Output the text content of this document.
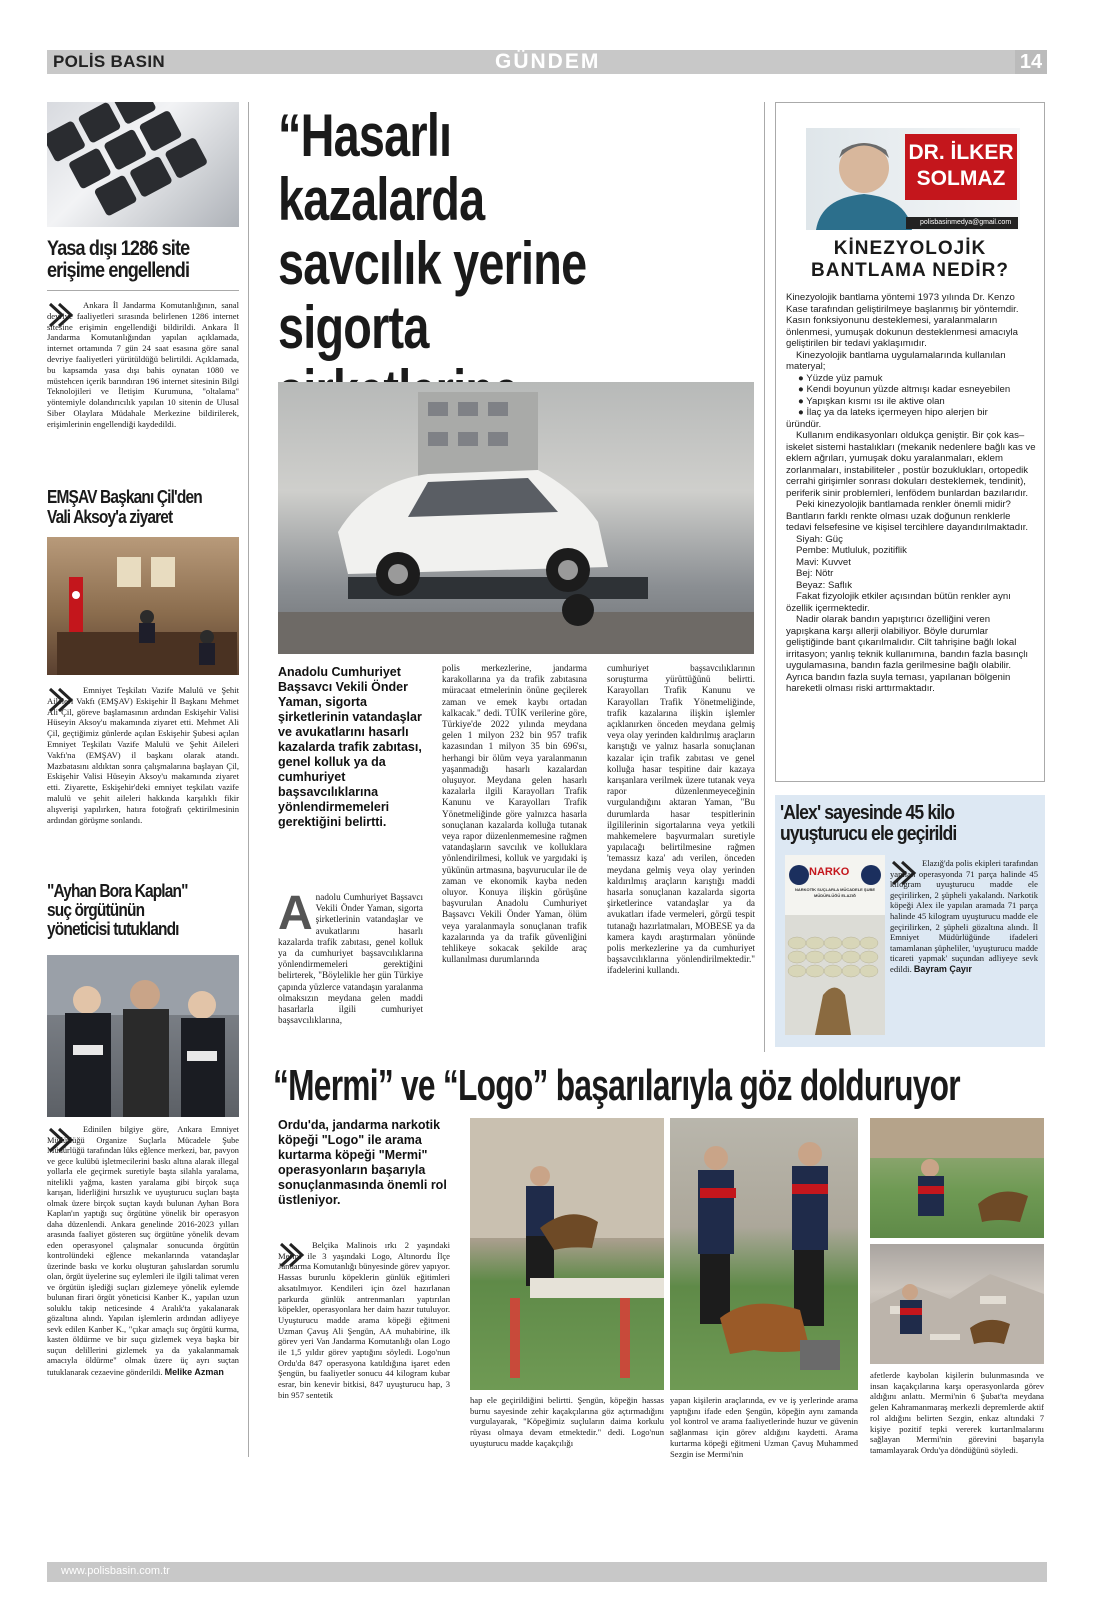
POLİS BASIN	GÜNDEM	14
Yasa dışı 1286 site
erişime engellendi
Ankara İl Jandarma Komutanlığının, sanal devriye faaliyetleri sırasında belirlenen 1286 internet sitesine erişimin engellendiği bildirildi. Ankara İl Jandarma Komutanlığından yapılan açıklamada, internet ortamında 7 gün 24 saat esasına göre sanal devriye faaliyetleri yürütüldüğü belirtildi. Açıklamada, bu kapsamda yasa dışı bahis oynatan 1080 ve müstehcen içerik barındıran 196 internet sitesinin Bilgi Teknolojileri ve İletişim Kurumuna, "oltalama" yöntemiyle dolandırıcılık yapılan 10 sitenin de Ulusal Siber Olaylara Müdahale Merkezine bildirilerek, erişimlerinin engellendiği kaydedildi.
EMŞAV Başkanı Çil'den
Vali Aksoy'a ziyaret
Emniyet Teşkilatı Vazife Malulü ve Şehit Aileleri Vakfı (EMŞAV) Eskişehir İl Başkanı Mehmet Ali Çil, göreve başlamasının ardından Eskişehir Valisi Hüseyin Aksoy'u makamında ziyaret etti. Mehmet Ali Çil, geçtiğimiz günlerde açılan Eskişehir Şubesi açılan Emniyet Teşkilatı Vazife Malulü ve Şehit Aileleri Vakfı'na (EMŞAV) il başkanı olarak atandı. Mazbatasını aldıktan sonra çalışmalarına başlayan Çil, Eskişehir Valisi Hüseyin Aksoy'u makamında ziyaret etti. Ziyarette, Eskişehir'deki emniyet teşkilatı vazife malulü ve şehit aileleri hakkında karşılıklı fikir alışverişi yapılırken, hatıra fotoğrafı çektirilmesinin ardından görüşme sonlandı.
"Ayhan Bora Kaplan"
suç örgütünün
yöneticisi tutuklandı
Edinilen bilgiye göre, Ankara Emniyet Müdürlüğü Organize Suçlarla Mücadele Şube Müdürlüğü tarafından lüks eğlence merkezi, bar, pavyon ve gece kulübü işletmecilerini baskı altına alarak illegal yollarla ele geçirmek suretiyle başta silahla yaralama, nitelikli yağma, kasten yaralama gibi birçok suça karışan, liderliğini hırsızlık ve uyuşturucu suçları başta olmak üzere birçok suçtan kaydı bulunan Ayhan Bora Kaplan'ın yaptığı suç örgütüne yönelik bir operasyon daha düzenlendi. Ankara genelinde 2016-2023 yılları arasında faaliyet gösteren suç örgütüne yönelik devam eden operasyonel çalışmalar sonucunda örgütün kontrolündeki eğlence mekanlarında vatandaşlar üzerinde baskı ve korku oluşturan şahıslardan sorumlu olan, örgüt üyelerine suç eylemleri ile ilgili talimat veren ve örgütün işlediği suçları gizlemeye yönelik eylemde bulunan firari örgüt yöneticisi Kanber K., yapılan uzun soluklu takip neticesinde 4 Aralık'ta yakalanarak gözaltına alındı. Yapılan işlemlerin ardından adliyeye sevk edilen Kanber K., "çıkar amaçlı suç örgütü kurma, kasten öldürme ve bir suçu gizlemek veya başka bir suçun delillerini gizlemek ya da yakalanmamak amacıyla öldürme" olmak üzere üç ayrı suçtan tutuklanarak cezaevine gönderildi. Melike Azman
“Hasarlı kazalarda
savcılık yerine
sigorta
Anadolu Cumhuriyet Başsavcı Vekili Önder Yaman, sigorta şirketlerinin vatandaşlar ve avukatlarını hasarlı kazalarda trafik zabıtası, genel kolluk ya da cumhuriyet başsavcılıklarına yönlendirmemeleri gerektiğini belirtti.
A nadolu Cumhuriyet Başsavcı Vekili Önder Yaman, sigorta şirketlerinin vatandaşlar ve avukatlarını hasarlı kazalarda trafik zabıtası, genel kolluk ya da cumhuriyet başsavcılıklarına yönlendirmemeleri gerektiğini belirterek, "Böylelikle her gün Türkiye çapında yüzlerce vatandaşın yaralanma olmaksızın meydana gelen maddi hasarlarla ilgili cumhuriyet başsavcılıklarına,
polis merkezlerine, jandarma karakollarına ya da trafik zabıtasına müracaat etmelerinin önüne geçilerek zaman ve emek kaybı ortadan kalkacak." dedi. TÜİK verilerine göre, Türkiye'de 2022 yılında meydana gelen 1 milyon 232 bin 957 trafik kazasından 1 milyon 35 bin 696'sı, herhangi bir ölüm veya yaralanmanın yaşanmadığı hasarlı kazalardan oluşuyor. Meydana gelen hasarlı kazalarla ilgili Karayolları Trafik Kanunu ve Karayolları Trafik Yönetmeliğinde göre yalnızca hasarla sonuçlanan kazalarda kolluğa tutanak veya rapor düzenlenmemesine rağmen vatandaşların savcılık ve kolluklara yönlendirilmesi, kolluk ve yargıdaki iş yükünün artmasına, başvurucular ile de zaman ve ekonomik kayba neden oluyor. Konuya ilişkin görüşüne başvurulan Anadolu Cumhuriyet Başsavcı Vekili Önder Yaman, ölüm veya yaralanmayla sonuçlanan trafik kazalarında ya da trafik güvenliğini tehlikeye sokacak şekilde araç kullanılması durumlarında
cumhuriyet başsavcılıklarının soruşturma yürüttüğünü belirtti. Karayolları Trafik Kanunu ve Karayolları Trafik Yönetmeliğinde, trafik kazalarına ilişkin işlemler açıklanırken önceden meydana gelmiş veya olay yerinden kaldırılmış araçların karıştığı ve yalnız hasarla sonuçlanan kazalar için trafik zabıtası ve genel kolluğa hasar tespitine dair kazaya karışanlara verilmek üzere tutanak veya rapor düzenlenmeyeceğinin vurgulandığını aktaran Yaman, "Bu durumlarda hasar tespitlerinin ilgililerinin sigortalarına veya yetkili mahkemelere başvurmaları suretiyle yapılacağı belirtilmesine rağmen 'temassız kaza' adı verilen, önceden meydana gelmiş veya olay yerinden kaldırılmış araçların karıştığı maddi hasarla sonuçlanan kazalarda sigorta şirketlerince vatandaşlar ya da avukatları ifade vermeleri, görgü tespit tutanağı hazırlatmaları, MOBESE ya da kamera kaydı araştırmaları yönünde polis merkezlerine ya da cumhuriyet başsavcılıklarına yönlendirilmektedir." ifadelerini kullandı.
DR. İLKER
SOLMAZ
polisbasinmedya@gmail.com
KİNEZYOLOJİK
BANTLAMA NEDİR?
Kinezyolojik bantlama yöntemi 1973 yılında Dr. Kenzo Kase tarafından geliştirilmeye başlanmış bir yöntemdir. Kasın fonksiyonunu desteklemesi, yaralanmaların önlenmesi, yumuşak dokunun desteklenmesi amacıyla geliştirilen bir tedavi yaklaşımıdır.
Kinezyolojik bantlama uygulamalarında kullanılan materyal;
● Yüzde yüz pamuk
● Kendi boyunun yüzde altmışı kadar esneyebilen
● Yapışkan kısmı ısı ile aktive olan
● İlaç ya da lateks içermeyen hipo alerjen bir
üründür.
Kullanım endikasyonları oldukça geniştir. Bir çok kas–iskelet sistemi hastalıkları (mekanik nedenlere bağlı kas ve eklem ağrıları, yumuşak doku yaralanmaları, eklem zorlanmaları, instabiliteler , postür bozuklukları, ortopedik cerrahi girişimler sonrası dokuları desteklemek, tendinit), periferik sinir problemleri, lenfödem bunlardan bazılarıdır.
Peki kinezyolojik bantlamada renkler önemli midir? Bantların farklı renkte olması uzak doğunun renklerle tedavi felsefesine ve kişisel tercihlere dayandırılmaktadır.
Siyah: Güç
Pembe: Mutluluk, pozitiflik
Mavi: Kuvvet
Bej: Nötr
Beyaz: Saflık
Fakat fizyolojik etkiler açısından bütün renkler aynı özellik içermektedir.
Nadir olarak bandın yapıştırıcı özelliğini veren yapışkana karşı allerji olabiliyor. Böyle durumlar geliştiğinde bant çıkarılmalıdır. Cilt tahrişine bağlı lokal irritasyon; yanlış teknik kullanımına, bandın fazla basınçlı uygulamasına, bandın fazla gerilmesine bağlı olabilir. Ayrıca bandın fazla suyla teması, yapılanan bölgenin hareketli olması riski arttırmaktadır.
'Alex' sayesinde 45 kilo
uyuşturucu ele geçirildi
NARKO
NARKOTİK SUÇLARLA MÜCADELE ŞUBE MÜDÜRLÜĞÜ ELAZIĞ
Elazığ'da polis ekipleri tarafından yapılan operasyonda 71 parça halinde 45 kilogram uyuşturucu madde ele geçirilirken, 2 şüpheli yakalandı. Narkotik köpeği Alex ile yapılan aramada 71 parça halinde 45 kilogram uyuşturucu madde ele geçirilirken, 2 şüpheli gözaltına alındı. İl Emniyet Müdürlüğünde ifadeleri tamamlanan şüpheliler, 'uyuşturucu madde ticareti yapmak' suçundan adliyeye sevk edildi. Bayram Çayır
“Mermi” ve “Logo” başarılarıyla göz dolduruyor
Ordu'da, jandarma narkotik köpeği "Logo" ile arama kurtarma köpeği "Mermi" operasyonların başarıyla sonuçlanmasında önemli rol üstleniyor.
Belçika Malinois ırkı 2 yaşındaki Mermi ile 3 yaşındaki Logo, Altınordu İlçe Jandarma Komutanlığı bünyesinde görev yapıyor. Hassas burunlu köpeklerin günlük eğitimleri aksatılmıyor. Kendileri için özel hazırlanan parkurda günlük antrenmanları yaptırılan köpekler, operasyonlara her daim hazır tutuluyor. Uyuşturucu madde arama köpeği eğitmeni Uzman Çavuş Ali Şengün, AA muhabirine, ilk görev yeri Van Jandarma Komutanlığı olan Logo ile 1,5 yıldır görev yaptığını söyledi. Logo'nun Ordu'da 847 operasyona katıldığına işaret eden Şengün, bu faaliyetler sonucu 44 kilogram kubar esrar, bin kenevir bitkisi, 847 uyuşturucu hap, 3 bin 957 sentetik
hap ele geçirildiğini belirtti. Şengün, köpeğin hassas burnu sayesinde zehir kaçakçılarına göz açtırmadığını vurgulayarak, "Köpeğimiz suçluların daima korkulu rüyası olmaya devam etmektedir." dedi. Logo'nun uyuşturucu madde kaçakçılığı
yapan kişilerin araçlarında, ev ve iş yerlerinde arama yaptığını ifade eden Şengün, köpeğin aynı zamanda yol kontrol ve arama faaliyetlerinde huzur ve güvenin sağlanması için görev aldığını kaydetti. Arama kurtarma köpeği eğitmeni Uzman Çavuş Muhammed Sezgin ise Mermi'nin
afetlerde kaybolan kişilerin bulunmasında ve insan kaçakçılarına karşı operasyonlarda görev aldığını anlattı. Mermi'nin 6 Şubat'ta meydana gelen Kahramanmaraş merkezli depremlerde aktif rol aldığını belirten Sezgin, enkaz altındaki 7 kişiye pozitif tepki vererek kurtarılmalarını sağlayan Mermi'nin görevini başarıyla tamamlayarak Ordu'ya döndüğünü söyledi.
www.polisbasin.com.tr
